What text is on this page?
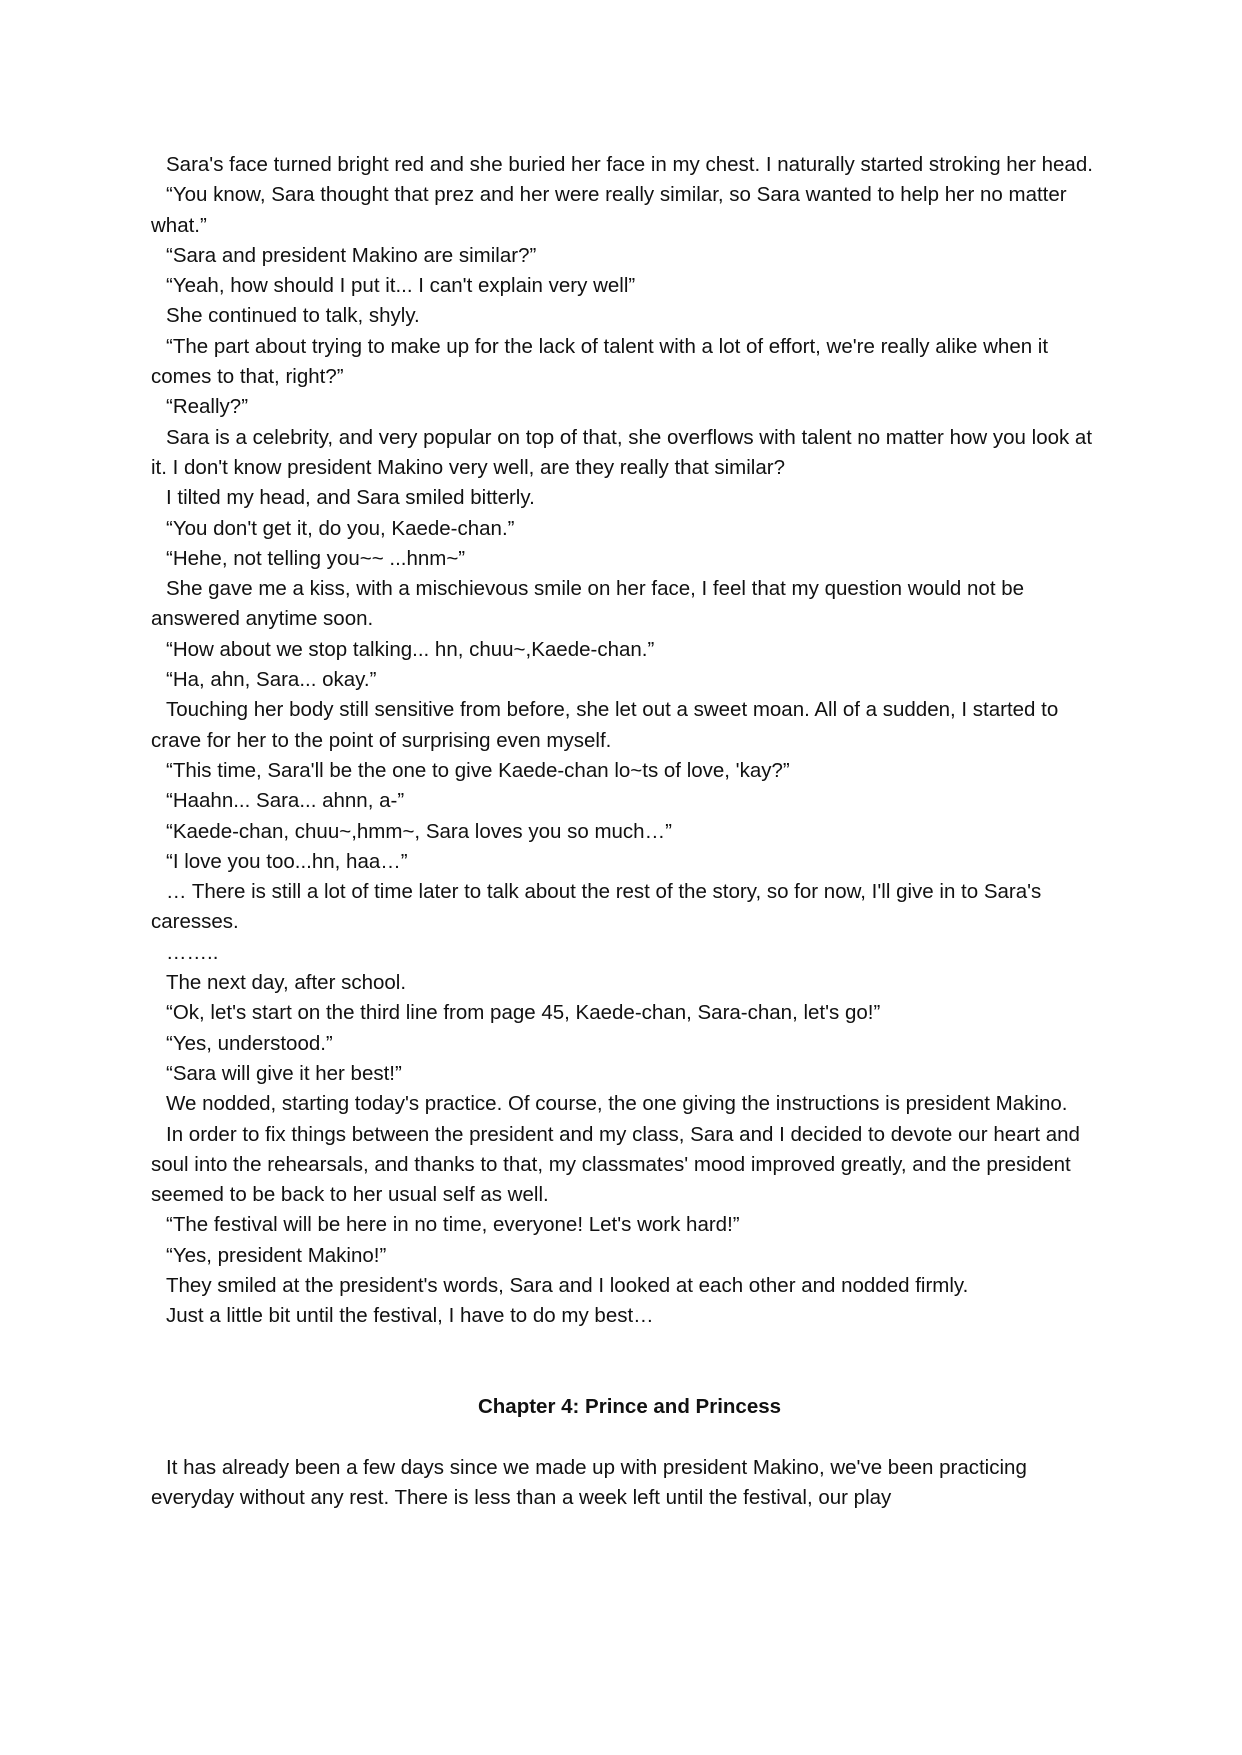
Sara's face turned bright red and she buried her face in my chest. I naturally started stroking her head.

“You know, Sara thought that prez and her were really similar, so Sara wanted to help her no matter what.”

“Sara and president Makino are similar?”

“Yeah, how should I put it... I can't explain very well”

She continued to talk, shyly.

“The part about trying to make up for the lack of talent with a lot of effort, we're really alike when it comes to that, right?”

“Really?”

Sara is a celebrity, and very popular on top of that, she overflows with talent no matter how you look at it. I don't know president Makino very well, are they really that similar?

I tilted my head, and Sara smiled bitterly.

“You don't get it, do you, Kaede-chan.”

“Hehe, not telling you~~ ...hnm~”

She gave me a kiss, with a mischievous smile on her face, I feel that my question would not be answered anytime soon.

“How about we stop talking... hn, chuu~,Kaede-chan.”

“Ha, ahn, Sara... okay.”

Touching her body still sensitive from before, she let out a sweet moan. All of a sudden, I started to crave for her to the point of surprising even myself.

“This time, Sara'll be the one to give Kaede-chan lo~ts of love, 'kay?”

“Haahn... Sara... ahnn, a-”

“Kaede-chan, chuu~,hmm~, Sara loves you so much…”

“I love you too...hn, haa…”

… There is still a lot of time later to talk about the rest of the story, so for now, I'll give in to Sara's caresses.

……..

The next day, after school.

“Ok, let's start on the third line from page 45, Kaede-chan, Sara-chan, let's go!”

“Yes, understood.”

“Sara will give it her best!”

We nodded, starting today's practice. Of course, the one giving the instructions is president Makino.

In order to fix things between the president and my class, Sara and I decided to devote our heart and soul into the rehearsals, and thanks to that, my classmates' mood improved greatly, and the president seemed to be back to her usual self as well.

“The festival will be here in no time, everyone! Let's work hard!”

“Yes, president Makino!”

They smiled at the president's words, Sara and I looked at each other and nodded firmly.

Just a little bit until the festival, I have to do my best…

Chapter 4: Prince and Princess

It has already been a few days since we made up with president Makino, we've been practicing everyday without any rest. There is less than a week left until the festival, our play
